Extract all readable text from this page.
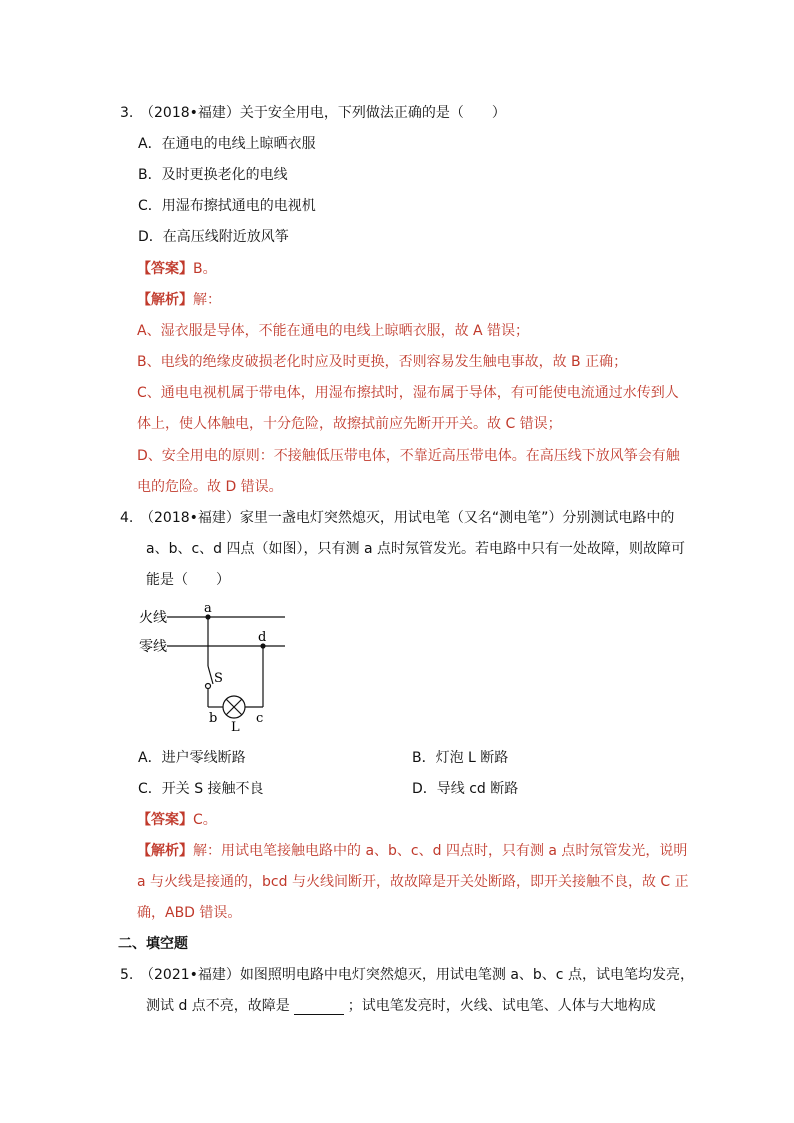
3. （2018•福建）关于安全用电，下列做法正确的是（　　）
A．在通电的电线上晾晒衣服
B．及时更换老化的电线
C．用湿布擦拭通电的电视机
D．在高压线附近放风筝
【答案】B。
【解析】解：
A、湿衣服是导体，不能在通电的电线上晾晒衣服，故 A 错误；
B、电线的绝缘皮破损老化时应及时更换，否则容易发生触电事故，故 B 正确；
C、通电电视机属于带电体，用湿布擦拭时，湿布属于导体，有可能使电流通过水传到人
体上，使人体触电，十分危险，故擦拭前应先断开开关。故 C 错误；
D、安全用电的原则：不接触低压带电体，不靠近高压带电体。在高压线下放风筝会有触
电的危险。故 D 错误。
4. （2018•福建）家里一盏电灯突然熄灭，用试电笔（又名“测电笔”）分别测试电路中的
a、b、c、d 四点（如图），只有测 a 点时氖管发光。若电路中只有一处故障，则故障可
能是（　　）
火线
零线
a
d
S
b	c
L
A．进户零线断路	B．灯泡 L 断路
C．开关 S 接触不良	D．导线 cd 断路
【答案】C。
【解析】解：用试电笔接触电路中的 a、b、c、d 四点时，只有测 a 点时氖管发光，说明
a 与火线是接通的，bcd 与火线间断开，故故障是开关处断路，即开关接触不良，故 C 正
确，ABD 错误。
二、填空题
5. （2021•福建）如图照明电路中电灯突然熄灭，用试电笔测 a、b、c 点，试电笔均发亮，
测试 d 点不亮，故障是	；试电笔发亮时，火线、试电笔、人体与大地构成
